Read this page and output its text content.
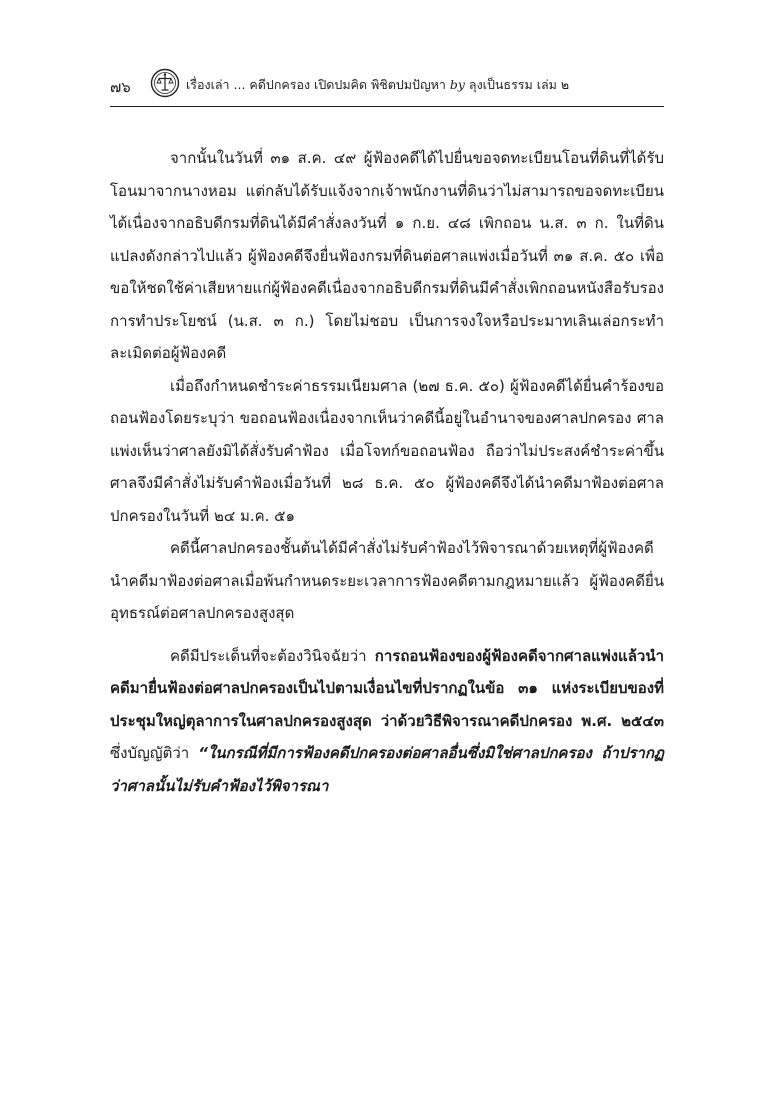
๗๖	เรื่องเล่า ... คดีปกครอง เปิดปมคิด พิชิตปมปัญหา by ลุงเป็นธรรม เล่ม ๒

จากนั้นในวันที่ ๓๑ ส.ค. ๔๙ ผู้ฟ้องคดีได้ไปยื่นขอจดทะเบียนโอนที่ดินที่ได้รับโอนมาจากนางหอม แต่กลับได้รับแจ้งจากเจ้าพนักงานที่ดินว่าไม่สามารถขอจดทะเบียนได้เนื่องจากอธิบดีกรมที่ดินได้มีคำสั่งลงวันที่ ๑ ก.ย. ๔๘ เพิกถอน น.ส. ๓ ก. ในที่ดินแปลงดังกล่าวไปแล้ว ผู้ฟ้องคดีจึงยื่นฟ้องกรมที่ดินต่อศาลแพ่งเมื่อวันที่ ๓๑ ส.ค. ๕๐ เพื่อขอให้ชดใช้ค่าเสียหายแก่ผู้ฟ้องคดีเนื่องจากอธิบดีกรมที่ดินมีคำสั่งเพิกถอนหนังสือรับรองการทำประโยชน์ (น.ส. ๓ ก.) โดยไม่ชอบ เป็นการจงใจหรือประมาทเลินเล่อกระทำละเมิดต่อผู้ฟ้องคดี

เมื่อถึงกำหนดชำระค่าธรรมเนียมศาล (๒๗ ธ.ค. ๕๐) ผู้ฟ้องคดีได้ยื่นคำร้องขอถอนฟ้องโดยระบุว่า ขอถอนฟ้องเนื่องจากเห็นว่าคดีนี้อยู่ในอำนาจของศาลปกครอง ศาลแพ่งเห็นว่าศาลยังมิได้สั่งรับคำฟ้อง เมื่อโจทก์ขอถอนฟ้อง ถือว่าไม่ประสงค์ชำระค่าขึ้นศาลจึงมีคำสั่งไม่รับคำฟ้องเมื่อวันที่ ๒๘ ธ.ค. ๕๐ ผู้ฟ้องคดีจึงได้นำคดีมาฟ้องต่อศาลปกครองในวันที่ ๒๔ ม.ค. ๕๑

คดีนี้ศาลปกครองชั้นต้นได้มีคำสั่งไม่รับคำฟ้องไว้พิจารณาด้วยเหตุที่ผู้ฟ้องคดีนำคดีมาฟ้องต่อศาลเมื่อพ้นกำหนดระยะเวลาการฟ้องคดีตามกฎหมายแล้ว ผู้ฟ้องคดียื่นอุทธรณ์ต่อศาลปกครองสูงสุด

คดีมีประเด็นที่จะต้องวินิจฉัยว่า การถอนฟ้องของผู้ฟ้องคดีจากศาลแพ่งแล้วนำคดีมายื่นฟ้องต่อศาลปกครองเป็นไปตามเงื่อนไขที่ปรากฏในข้อ ๓๑ แห่งระเบียบของที่ประชุมใหญ่ตุลาการในศาลปกครองสูงสุด ว่าด้วยวิธีพิจารณาคดีปกครอง พ.ศ. ๒๕๔๓ ซึ่งบัญญัติว่า “ในกรณีที่มีการฟ้องคดีปกครองต่อศาลอื่นซึ่งมิใช่ศาลปกครอง ถ้าปรากฏว่าศาลนั้นไม่รับคำฟ้องไว้พิจารณา
